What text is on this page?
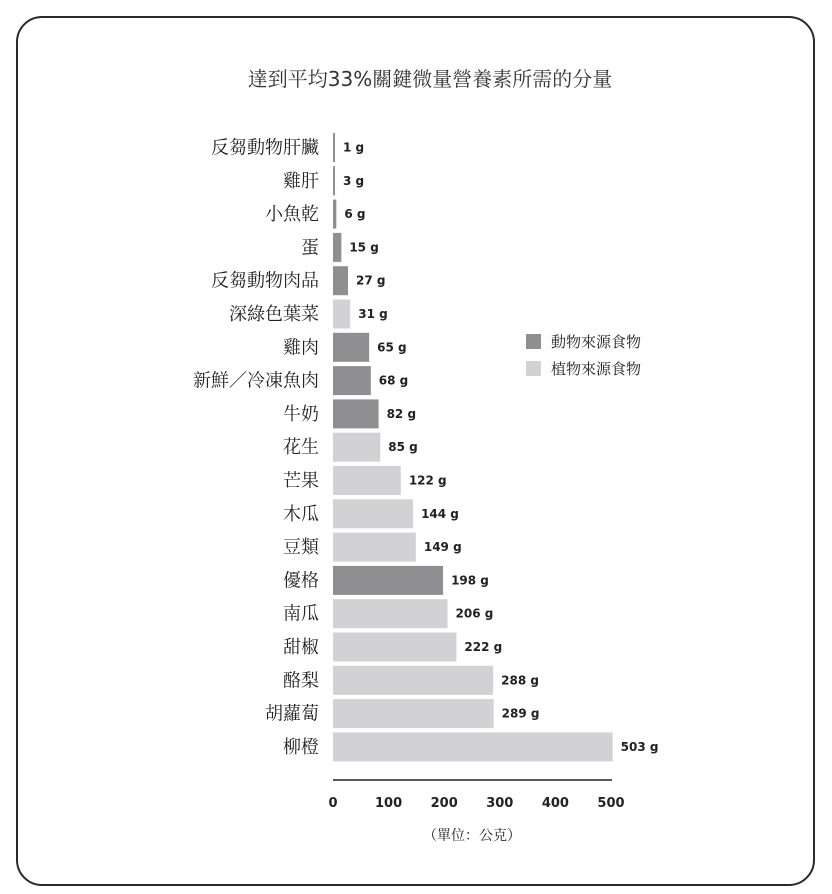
達到平均33%關鍵微量營養素所需的分量
反芻動物肝臟 1 g
雞肝 3 g
小魚乾 6 g
蛋	15 g
反芻動物肉品	27 g
深綠色葉菜	31 g
雞肉	65 g
新鮮／冷凍魚肉	68 g
牛奶	82 g
花生	85 g
芒果	122 g
木瓜	144 g
豆類	149 g
優格	198 g
南瓜	206 g
甜椒	222 g
酪梨	288 g
胡蘿蔔	289 g
柳橙	503 g
0	100 200 300 400 500
（單位：公克）
動物來源食物
植物來源食物
